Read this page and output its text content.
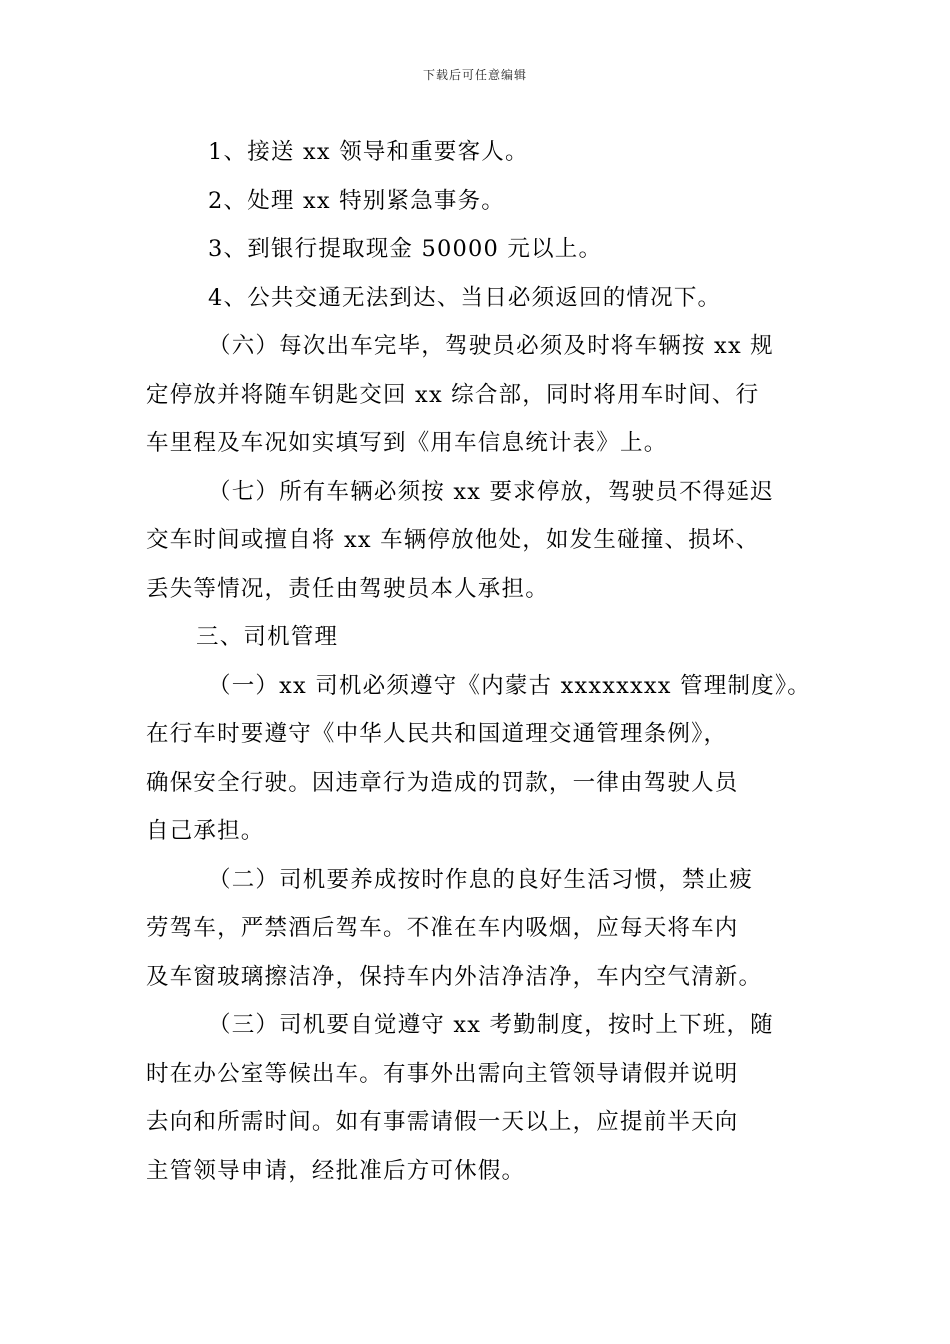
下载后可任意编辑
1、接送 xx 领导和重要客人。
2、处理 xx 特别紧急事务。
3、到银行提取现金 50000 元以上。
4、公共交通无法到达、当日必须返回的情况下。
（六）每次出车完毕，驾驶员必须及时将车辆按 xx 规
定停放并将随车钥匙交回 xx 综合部，同时将用车时间、行
车里程及车况如实填写到《用车信息统计表》上。
（七）所有车辆必须按 xx 要求停放，驾驶员不得延迟
交车时间或擅自将 xx 车辆停放他处，如发生碰撞、损坏、
丢失等情况，责任由驾驶员本人承担。
三、司机管理
（一）xx 司机必须遵守《内蒙古 xxxxxxxx 管理制度》。
在行车时要遵守《中华人民共和国道理交通管理条例》，
确保安全行驶。因违章行为造成的罚款，一律由驾驶人员
自己承担。
（二）司机要养成按时作息的良好生活习惯，禁止疲
劳驾车，严禁酒后驾车。不准在车内吸烟，应每天将车内
及车窗玻璃擦洁净，保持车内外洁净洁净，车内空气清新。
（三）司机要自觉遵守 xx 考勤制度，按时上下班，随
时在办公室等候出车。有事外出需向主管领导请假并说明
去向和所需时间。如有事需请假一天以上，应提前半天向
主管领导申请，经批准后方可休假。
